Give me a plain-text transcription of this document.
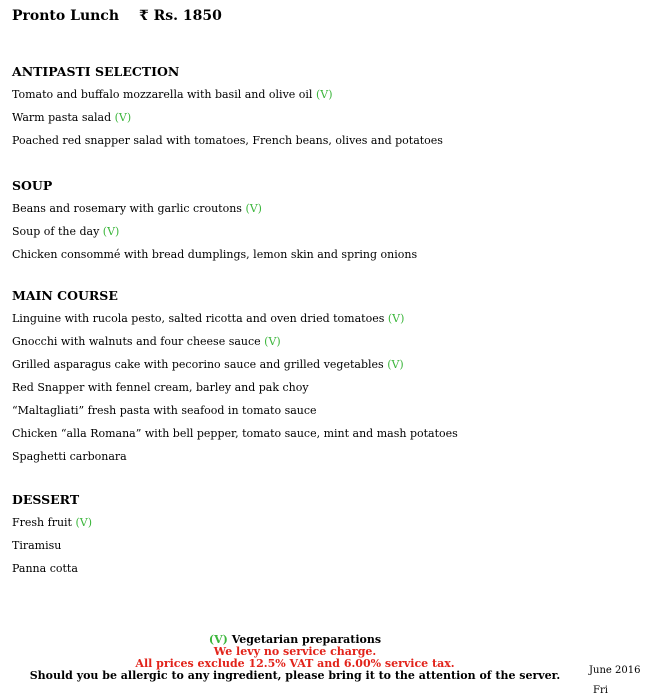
Pronto Lunch ₹ Rs. 1850
ANTIPASTI SELECTION
Tomato and buffalo mozzarella with basil and olive oil (V)
Warm pasta salad (V)
Poached red snapper salad with tomatoes, French beans, olives and potatoes
SOUP
Beans and rosemary with garlic croutons (V)
Soup of the day (V)
Chicken consommé with bread dumplings, lemon skin and spring onions
MAIN COURSE
Linguine with rucola pesto, salted ricotta and oven dried tomatoes (V)
Gnocchi with walnuts and four cheese sauce (V)
Grilled asparagus cake with pecorino sauce and grilled vegetables (V)
Red Snapper with fennel cream, barley and pak choy
“Maltagliati” fresh pasta with seafood in tomato sauce
Chicken “alla Romana” with bell pepper, tomato sauce, mint and mash potatoes
Spaghetti carbonara
DESSERT
Fresh fruit (V)
Tiramisu
Panna cotta
(V) Vegetarian preparations
We levy no service charge.
All prices exclude 12.5% VAT and 6.00% service tax.
Should you be allergic to any ingredient, please bring it to the attention of the server.	June 2016
Fri
